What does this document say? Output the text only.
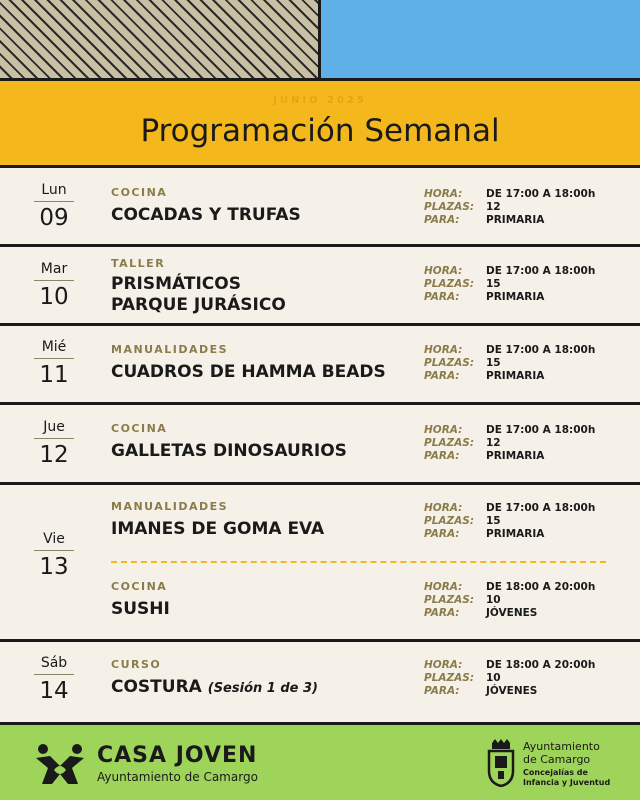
JUNIO 2025
Programación Semanal
Lun
09
COCINA
COCADAS Y TRUFAS
HORA:	DE 17:00 A 18:00h
PLAZAS:	12
PARA:	PRIMARIA
Mar
10
TALLER
PRISMÁTICOS
PARQUE JURÁSICO
HORA:	DE 17:00 A 18:00h
PLAZAS:	15
PARA:	PRIMARIA
Mié
11
MANUALIDADES
CUADROS DE HAMMA BEADS
HORA:	DE 17:00 A 18:00h
PLAZAS:	15
PARA:	PRIMARIA
Jue
12
COCINA
GALLETAS DINOSAURIOS
HORA:	DE 17:00 A 18:00h
PLAZAS:	12
PARA:	PRIMARIA
Vie
13
MANUALIDADES
IMANES DE GOMA EVA
HORA:	DE 17:00 A 18:00h
PLAZAS:	15
PARA:	PRIMARIA
COCINA
SUSHI
HORA:	DE 18:00 A 20:00h
PLAZAS:	10
PARA:	JÓVENES
Sáb
14
CURSO
COSTURA (Sesión 1 de 3)
HORA:	DE 18:00 A 20:00h
PLAZAS:	10
PARA:	JÓVENES
CASA JOVEN
Ayuntamiento de Camargo
Ayuntamiento
de Camargo
Concejalías de
Infancia y Juventud
